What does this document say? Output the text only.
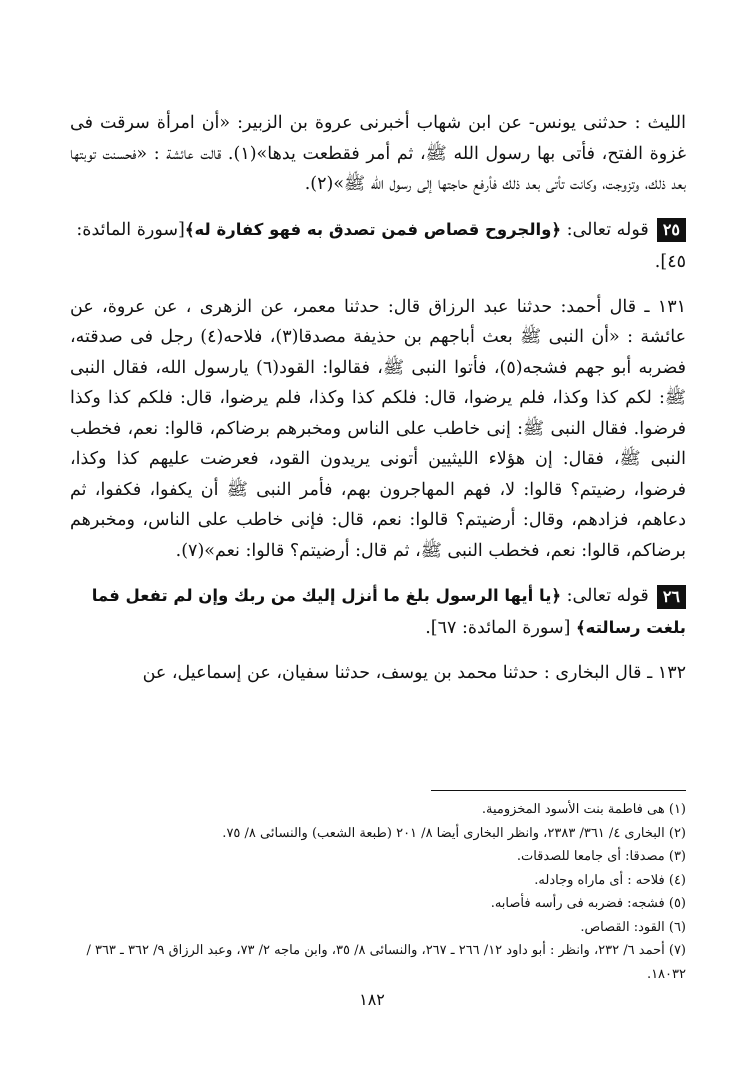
الليث : حدثنى يونس- عن ابن شهاب أخبرنى عروة بن الزبير: «أن امرأة سرقت فى غزوة الفتح، فأتى بها رسول الله ﷺ، ثم أمر فقطعت يدها»(١). قالت عائشة : «فحسنت توبتها بعد ذلك، وتزوجت، وكانت تأتى بعد ذلك فأرفع حاجتها إلى رسول الله ﷺ»(٢).

٢٥قوله تعالى: ﴿والجروح قصاص فمن تصدق به فهو كفارة له﴾[سورة المائدة: ٤٥].

١٣١ ـ قال أحمد: حدثنا عبد الرزاق قال: حدثنا معمر، عن الزهرى ، عن عروة، عن عائشة : «أن النبى ﷺ بعث أباجهم بن حذيفة مصدقا(٣)، فلاحه(٤) رجل فى صدقته، فضربه أبو جهم فشجه(٥)، فأتوا النبى ﷺ، فقالوا: القود(٦) يارسول الله، فقال النبى ﷺ: لكم كذا وكذا، فلم يرضوا، قال: فلكم كذا وكذا، فلم يرضوا، قال: فلكم كذا وكذا فرضوا. فقال النبى ﷺ: إنى خاطب على الناس ومخبرهم برضاكم، قالوا: نعم، فخطب النبى ﷺ، فقال: إن هؤلاء الليثيين أتونى يريدون القود، فعرضت عليهم كذا وكذا، فرضوا، رضيتم؟ قالوا: لا، فهم المهاجرون بهم، فأمر النبى ﷺ أن يكفوا، فكفوا، ثم دعاهم، فزادهم، وقال: أرضيتم؟ قالوا: نعم، قال: فإنى خاطب على الناس، ومخبرهم برضاكم، قالوا: نعم، فخطب النبى ﷺ، ثم قال: أرضيتم؟ قالوا: نعم»(٧).

٢٦قوله تعالى: ﴿يا أيها الرسول بلغ ما أنزل إليك من ربك وإن لم تفعل فما بلغت رسالته﴾ [سورة المائدة: ٦٧].

١٣٢ ـ قال البخارى : حدثنا محمد بن يوسف، حدثنا سفيان، عن إسماعيل، عن

(١) هى فاطمة بنت الأسود المخزومية.
(٢) البخارى ٤/ ٣٦١/ ٢٣٨٣، وانظر البخارى أيضا ٨/ ٢٠١ (طبعة الشعب) والنسائى ٨/ ٧٥.
(٣) مصدقا: أى جامعا للصدقات.
(٤) فلاحه : أى ماراه وجادله.
(٥) فشجه: فضربه فى رأسه فأصابه.
(٦) القود: القصاص.
(٧) أحمد ٦/ ٢٣٢، وانظر : أبو داود ١٢/ ٢٦٦ ـ ٢٦٧، والنسائى ٨/ ٣٥، وابن ماجه ٢/ ٧٣، وعبد الرزاق ٩/ ٣٦٢ ـ ٣٦٣ / ١٨٠٣٢.
١٨٢
